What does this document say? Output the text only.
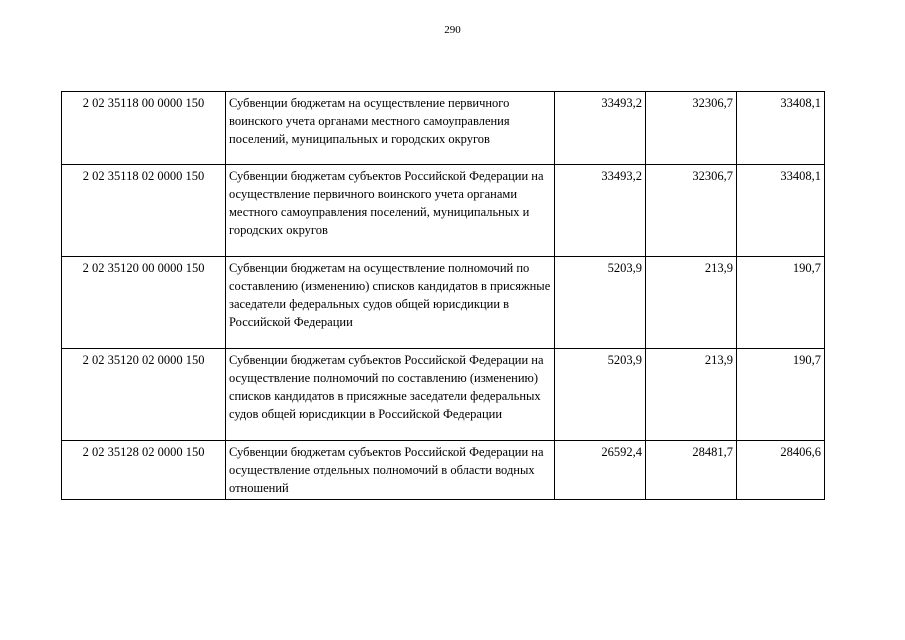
290
2 02 35118 00 0000 150	Субвенции бюджетам на осуществление первичного воинского учета органами местного самоуправления поселений, муниципальных и городских округов	33493,2	32306,7	33408,1
2 02 35118 02 0000 150	Субвенции бюджетам субъектов Российской Федерации на осуществление первичного воинского учета органами местного самоуправления поселений, муниципальных и городских округов	33493,2	32306,7	33408,1
2 02 35120 00 0000 150	Субвенции бюджетам на осуществление полномочий по составлению (изменению) списков кандидатов в присяжные заседатели федеральных судов общей юрисдикции в Российской Федерации	5203,9	213,9	190,7
2 02 35120 02 0000 150	Субвенции бюджетам субъектов Российской Федерации на осуществление полномочий по составлению (изменению) списков кандидатов в присяжные заседатели федеральных судов общей юрисдикции в Российской Федерации	5203,9	213,9	190,7
2 02 35128 02 0000 150	Субвенции бюджетам субъектов Российской Федерации на осуществление отдельных полномочий в области водных отношений	26592,4	28481,7	28406,6
